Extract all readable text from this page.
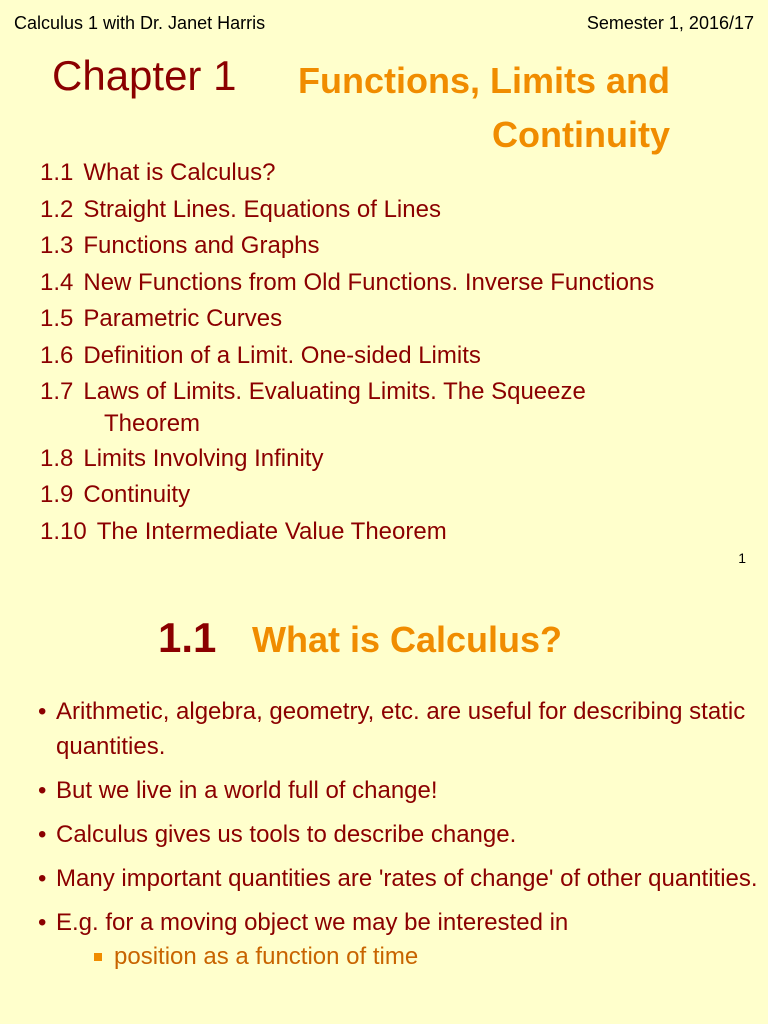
Calculus 1 with Dr. Janet Harris	Semester 1, 2016/17
Chapter 1 Functions, Limits and Continuity
1.1 What is Calculus?
1.2 Straight Lines. Equations of Lines
1.3 Functions and Graphs
1.4 New Functions from Old Functions. Inverse Functions
1.5 Parametric Curves
1.6 Definition of a Limit. One-sided Limits
1.7 Laws of Limits. Evaluating Limits. The Squeeze
Theorem
1.8 Limits Involving Infinity
1.9 Continuity
1.10 The Intermediate Value Theorem
1
1.1 What is Calculus?
• Arithmetic, algebra, geometry, etc. are useful for describing static quantities.
• But we live in a world full of change!
• Calculus gives us tools to describe change.
• Many important quantities are 'rates of change' of other quantities.
• E.g. for a moving object we may be interested in
position as a function of time
